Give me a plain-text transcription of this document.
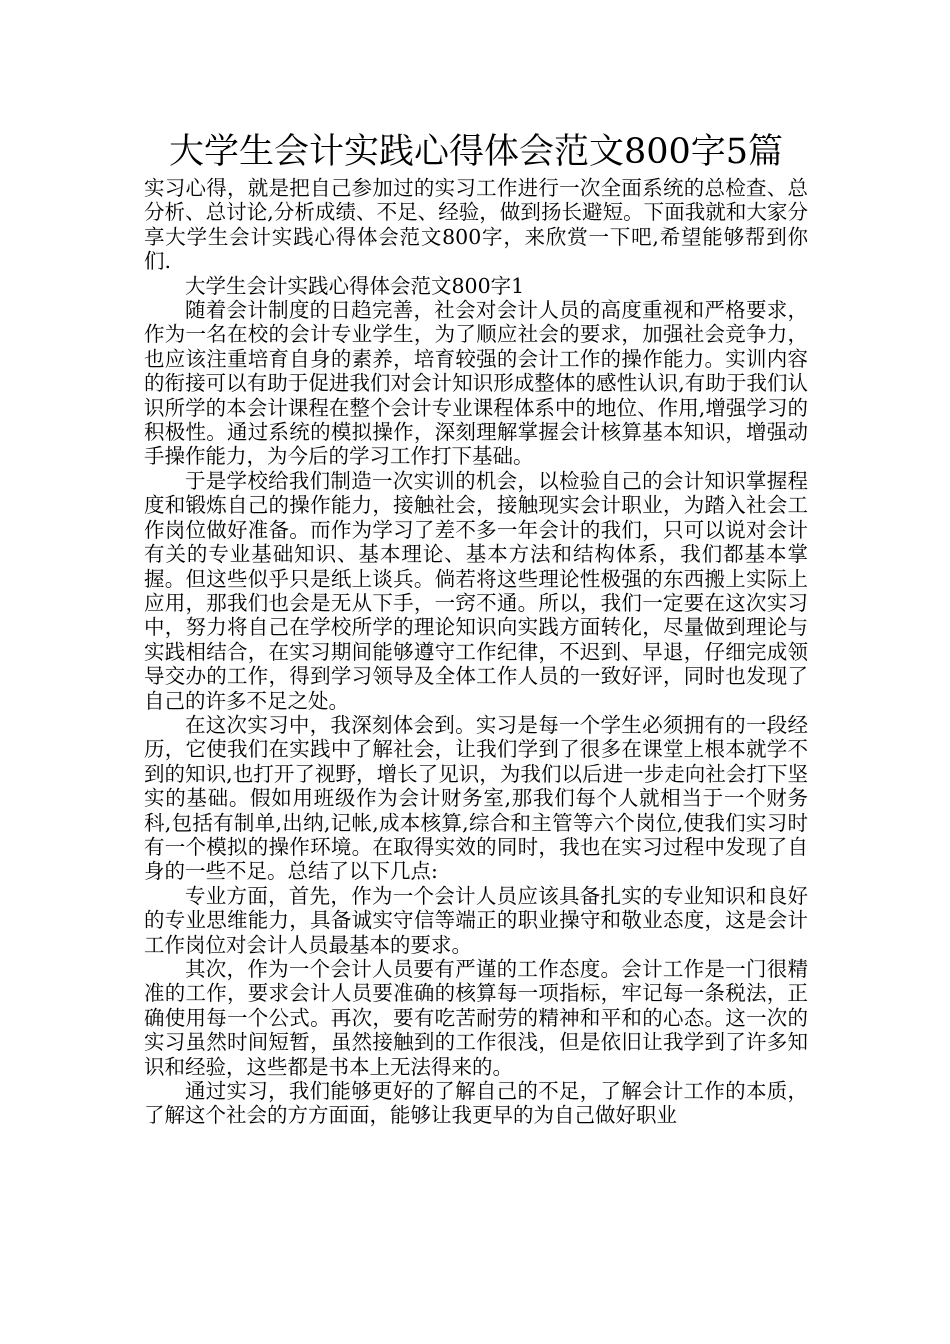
大学生会计实践心得体会范文800字5篇

实习心得，就是把自己参加过的实习工作进行一次全面系统的总检查、总分析、总讨论,分析成绩、不足、经验，做到扬长避短。下面我就和大家分享大学生会计实践心得体会范文800字，来欣赏一下吧,希望能够帮到你们.

大学生会计实践心得体会范文800字1

随着会计制度的日趋完善，社会对会计人员的高度重视和严格要求，作为一名在校的会计专业学生，为了顺应社会的要求，加强社会竞争力，也应该注重培育自身的素养，培育较强的会计工作的操作能力。实训内容的衔接可以有助于促进我们对会计知识形成整体的感性认识,有助于我们认识所学的本会计课程在整个会计专业课程体系中的地位、作用,增强学习的积极性。通过系统的模拟操作，深刻理解掌握会计核算基本知识，增强动手操作能力，为今后的学习工作打下基础。

于是学校给我们制造一次实训的机会，以检验自己的会计知识掌握程度和锻炼自己的操作能力，接触社会，接触现实会计职业，为踏入社会工作岗位做好准备。而作为学习了差不多一年会计的我们，只可以说对会计有关的专业基础知识、基本理论、基本方法和结构体系，我们都基本掌握。但这些似乎只是纸上谈兵。倘若将这些理论性极强的东西搬上实际上应用，那我们也会是无从下手，一窍不通。所以，我们一定要在这次实习中，努力将自己在学校所学的理论知识向实践方面转化，尽量做到理论与实践相结合，在实习期间能够遵守工作纪律，不迟到、早退，仔细完成领导交办的工作，得到学习领导及全体工作人员的一致好评，同时也发现了自己的许多不足之处。

在这次实习中，我深刻体会到。实习是每一个学生必须拥有的一段经历，它使我们在实践中了解社会，让我们学到了很多在课堂上根本就学不到的知识,也打开了视野，增长了见识，为我们以后进一步走向社会打下坚实的基础。假如用班级作为会计财务室,那我们每个人就相当于一个财务科,包括有制单,出纳,记帐,成本核算,综合和主管等六个岗位,使我们实习时有一个模拟的操作环境。在取得实效的同时，我也在实习过程中发现了自身的一些不足。总结了以下几点:

专业方面，首先，作为一个会计人员应该具备扎实的专业知识和良好的专业思维能力，具备诚实守信等端正的职业操守和敬业态度，这是会计工作岗位对会计人员最基本的要求。

其次，作为一个会计人员要有严谨的工作态度。会计工作是一门很精准的工作，要求会计人员要准确的核算每一项指标，牢记每一条税法，正确使用每一个公式。再次，要有吃苦耐劳的精神和平和的心态。这一次的实习虽然时间短暂，虽然接触到的工作很浅，但是依旧让我学到了许多知识和经验，这些都是书本上无法得来的。

通过实习，我们能够更好的了解自己的不足，了解会计工作的本质，了解这个社会的方方面面，能够让我更早的为自己做好职业
